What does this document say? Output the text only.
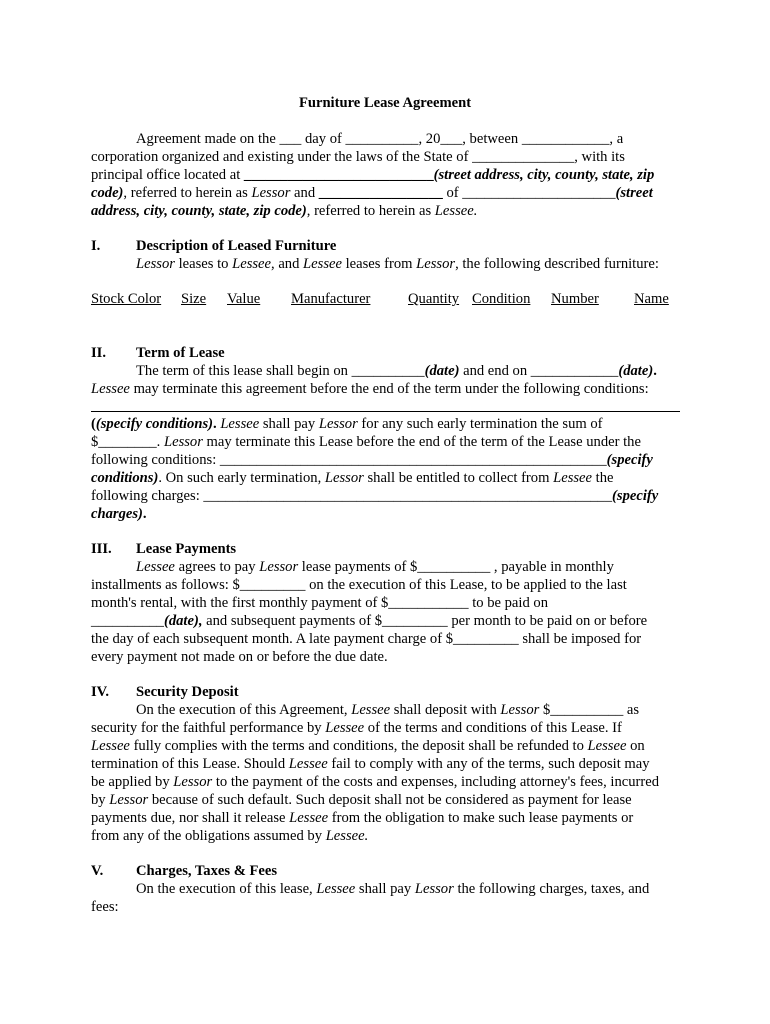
Furniture Lease Agreement
Agreement made on the ___ day of __________, 20___, between ____________, a
corporation organized and existing under the laws of the State of ______________, with its
principal office located at __________________________(street address, city, county, state, zip
code), referred to herein as Lessor and _________________ of _____________________(street
address, city, county, state, zip code), referred to herein as Lessee.
I.	Description of Leased Furniture
Lessor leases to Lessee, and Lessee leases from Lessor, the following described furniture:
Stock Color Size Value Manufacturer	Quantity Condition Number Name
II.	Term of Lease
The term of this lease shall begin on __________(date) and end on ____________(date).
Lessee may terminate this agreement before the end of the term under the following conditions:
((specify conditions). Lessee shall pay Lessor for any such early termination the sum of
$________. Lessor may terminate this Lease before the end of the term of the Lease under the
following conditions: _____________________________________________________(specify
conditions). On such early termination, Lessor shall be entitled to collect from Lessee the
following charges: ________________________________________________________(specify
charges).
III.	Lease Payments
Lessee agrees to pay Lessor lease payments of $__________ , payable in monthly
installments as follows: $_________ on the execution of this Lease, to be applied to the last
month's rental, with the first monthly payment of $___________ to be paid on
__________(date), and subsequent payments of $_________ per month to be paid on or before
the day of each subsequent month. A late payment charge of $_________ shall be imposed for
every payment not made on or before the due date.
IV.	Security Deposit
On the execution of this Agreement, Lessee shall deposit with Lessor $__________ as
security for the faithful performance by Lessee of the terms and conditions of this Lease. If
Lessee fully complies with the terms and conditions, the deposit shall be refunded to Lessee on
termination of this Lease. Should Lessee fail to comply with any of the terms, such deposit may
be applied by Lessor to the payment of the costs and expenses, including attorney's fees, incurred
by Lessor because of such default. Such deposit shall not be considered as payment for lease
payments due, nor shall it release Lessee from the obligation to make such lease payments or
from any of the obligations assumed by Lessee.
V.	Charges, Taxes & Fees
On the execution of this lease, Lessee shall pay Lessor the following charges, taxes, and
fees:
